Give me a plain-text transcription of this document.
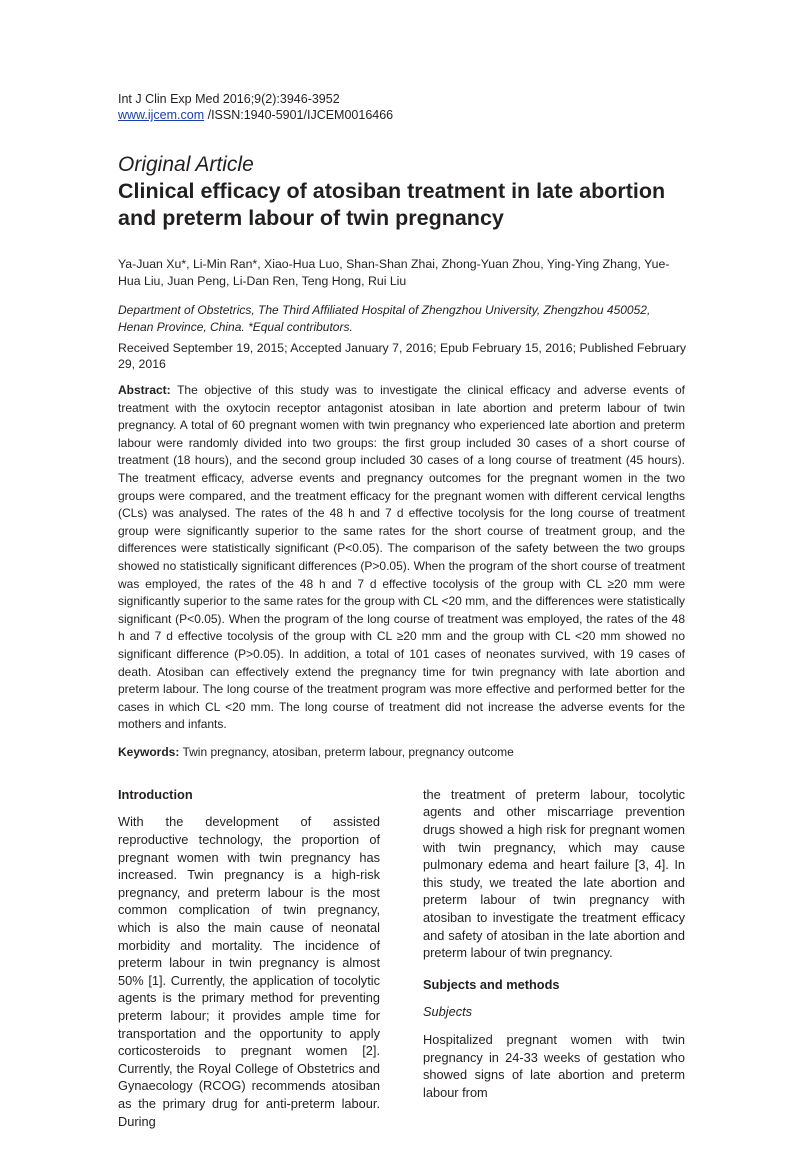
Int J Clin Exp Med 2016;9(2):3946-3952
www.ijcem.com /ISSN:1940-5901/IJCEM0016466
Original Article
Clinical efficacy of atosiban treatment in late abortion and preterm labour of twin pregnancy
Ya-Juan Xu*, Li-Min Ran*, Xiao-Hua Luo, Shan-Shan Zhai, Zhong-Yuan Zhou, Ying-Ying Zhang, Yue-Hua Liu, Juan Peng, Li-Dan Ren, Teng Hong, Rui Liu
Department of Obstetrics, The Third Affiliated Hospital of Zhengzhou University, Zhengzhou 450052, Henan Province, China. *Equal contributors.
Received September 19, 2015; Accepted January 7, 2016; Epub February 15, 2016; Published February 29, 2016

Abstract: The objective of this study was to investigate the clinical efficacy and adverse events of treatment with the oxytocin receptor antagonist atosiban in late abortion and preterm labour of twin pregnancy. A total of 60 pregnant women with twin pregnancy who experienced late abortion and preterm labour were randomly divided into two groups: the first group included 30 cases of a short course of treatment (18 hours), and the second group included 30 cases of a long course of treatment (45 hours). The treatment efficacy, adverse events and pregnancy outcomes for the pregnant women in the two groups were compared, and the treatment efficacy for the pregnant women with different cervical lengths (CLs) was analysed. The rates of the 48 h and 7 d effective tocolysis for the long course of treatment group were significantly superior to the same rates for the short course of treatment group, and the differences were statistically significant (P<0.05). The comparison of the safety between the two groups showed no statistically significant differences (P>0.05). When the program of the short course of treatment was employed, the rates of the 48 h and 7 d effective tocolysis of the group with CL ≥20 mm were significantly superior to the same rates for the group with CL <20 mm, and the differences were statistically significant (P<0.05). When the program of the long course of treatment was employed, the rates of the 48 h and 7 d effective tocolysis of the group with CL ≥20 mm and the group with CL <20 mm showed no significant difference (P>0.05). In addition, a total of 101 cases of neonates survived, with 19 cases of death. Atosiban can effectively extend the pregnancy time for twin pregnancy with late abortion and preterm labour. The long course of the treatment program was more effective and performed better for the cases in which CL <20 mm. The long course of treatment did not increase the adverse events for the mothers and infants.

Keywords: Twin pregnancy, atosiban, preterm labour, pregnancy outcome
Introduction

With the development of assisted reproductive technology, the proportion of pregnant women with twin pregnancy has increased. Twin pregnancy is a high-risk pregnancy, and preterm labour is the most common complication of twin pregnancy, which is also the main cause of neonatal morbidity and mortality. The incidence of preterm labour in twin pregnancy is almost 50% [1]. Currently, the application of tocolytic agents is the primary method for preventing preterm labour; it provides ample time for transportation and the opportunity to apply corticosteroids to pregnant women [2]. Currently, the Royal College of Obstetrics and Gynaecology (RCOG) recommends atosiban as the primary drug for anti-preterm labour. During

the treatment of preterm labour, tocolytic agents and other miscarriage prevention drugs showed a high risk for pregnant women with twin pregnancy, which may cause pulmonary edema and heart failure [3, 4]. In this study, we treated the late abortion and preterm labour of twin pregnancy with atosiban to investigate the treatment efficacy and safety of atosiban in the late abortion and preterm labour of twin pregnancy.

Subjects and methods
Subjects

Hospitalized pregnant women with twin pregnancy in 24-33 weeks of gestation who showed signs of late abortion and preterm labour from
